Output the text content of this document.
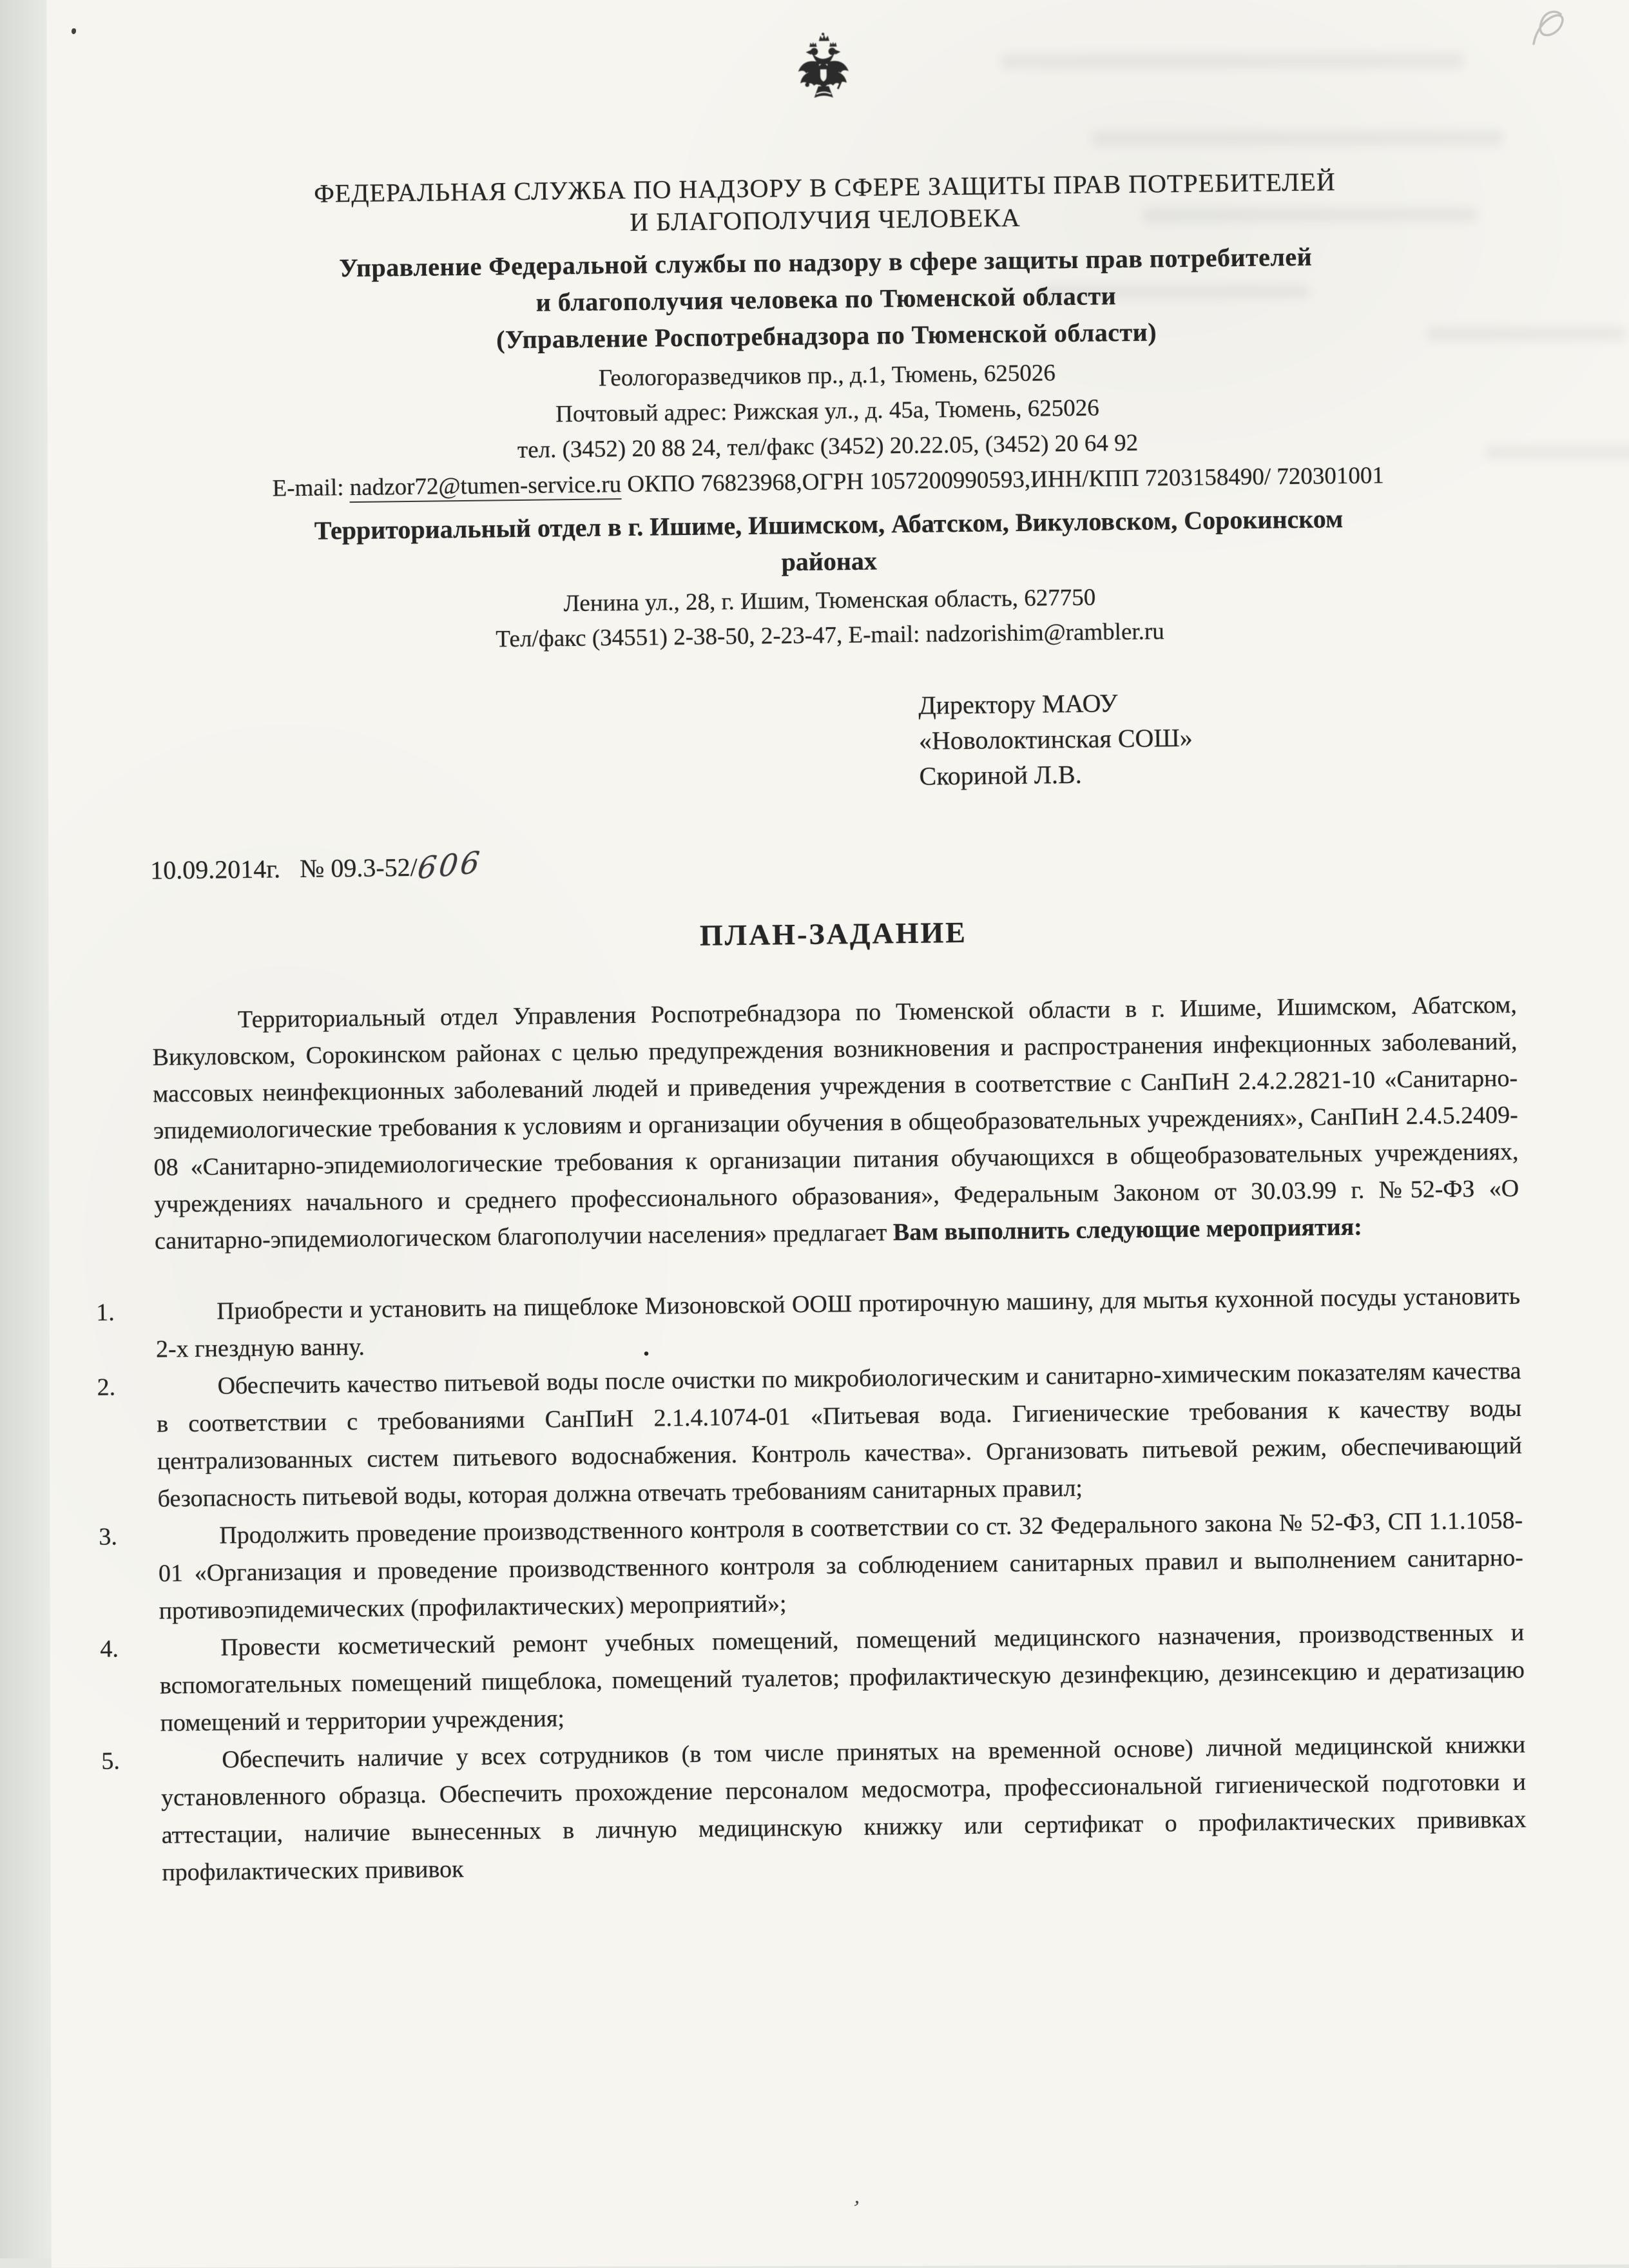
ФЕДЕРАЛЬНАЯ СЛУЖБА ПО НАДЗОРУ В СФЕРЕ ЗАЩИТЫ ПРАВ ПОТРЕБИТЕЛЕЙ
И БЛАГОПОЛУЧИЯ ЧЕЛОВЕКА
Управление Федеральной службы по надзору в сфере защиты прав потребителей
и благополучия человека по Тюменской области
(Управление Роспотребнадзора по Тюменской области)
Геологоразведчиков пр., д.1, Тюмень, 625026
Почтовый адрес: Рижская ул., д. 45а, Тюмень, 625026
тел. (3452) 20 88 24, тел/факс (3452) 20.22.05, (3452) 20 64 92
E-mail: nadzor72@tumen-service.ru ОКПО 76823968,ОГРН 1057200990593,ИНН/КПП 7203158490/ 720301001
Территориальный отдел в г. Ишиме, Ишимском, Абатском, Викуловском, Сорокинском
районах
Ленина ул., 28, г. Ишим, Тюменская область, 627750
Тел/факс (34551) 2-38-50, 2-23-47, E-mail: nadzorishim@rambler.ru
Директору МАОУ
«Новолоктинская СОШ»
Скориной Л.В.
10.09.2014г. № 09.3-52/606
ПЛАН-ЗАДАНИЕ

Территориальный отдел Управления Роспотребнадзора по Тюменской области в г. Ишиме, Ишимском, Абатском, Викуловском, Сорокинском районах с целью предупреждения возникновения и распространения инфекционных заболеваний, массовых неинфекционных заболеваний людей и приведения учреждения в соответствие с СанПиН 2.4.2.2821-10 «Санитарно-эпидемиологические требования к условиям и организации обучения в общеобразовательных учреждениях», СанПиН 2.4.5.2409-08 «Санитарно-эпидемиологические требования к организации питания обучающихся в общеобразовательных учреждениях, учреждениях начального и среднего профессионального образования», Федеральным Законом от 30.03.99 г. №52-ФЗ «О санитарно-эпидемиологическом благополучии населения» предлагает Вам выполнить следующие мероприятия:

1.	Приобрести и установить на пищеблоке Мизоновской ООШ протирочную машину, для мытья кухонной посуды установить 2-х гнездную ванну.
2.	Обеспечить качество питьевой воды после очистки по микробиологическим и санитарно-химическим показателям качества в соответствии с требованиями СанПиН 2.1.4.1074-01 «Питьевая вода. Гигиенические требования к качеству воды централизованных систем питьевого водоснабжения. Контроль качества». Организовать питьевой режим, обеспечивающий безопасность питьевой воды, которая должна отвечать требованиям санитарных правил;
3.	Продолжить проведение производственного контроля в соответствии со ст. 32 Федерального закона № 52-ФЗ, СП 1.1.1058-01 «Организация и проведение производственного контроля за соблюдением санитарных правил и выполнением санитарно-противоэпидемических (профилактических) мероприятий»;
4.	Провести косметический ремонт учебных помещений, помещений медицинского назначения, производственных и вспомогательных помещений пищеблока, помещений туалетов; профилактическую дезинфекцию, дезинсекцию и дератизацию помещений и территории учреждения;
5.	Обеспечить наличие у всех сотрудников (в том числе принятых на временной основе) личной медицинской книжки установленного образца. Обеспечить прохождение персоналом медосмотра, профессиональной гигиенической подготовки и аттестации, наличие вынесенных в личную медицинскую книжку или сертификат о профилактических прививках профилактических прививок
.
’
